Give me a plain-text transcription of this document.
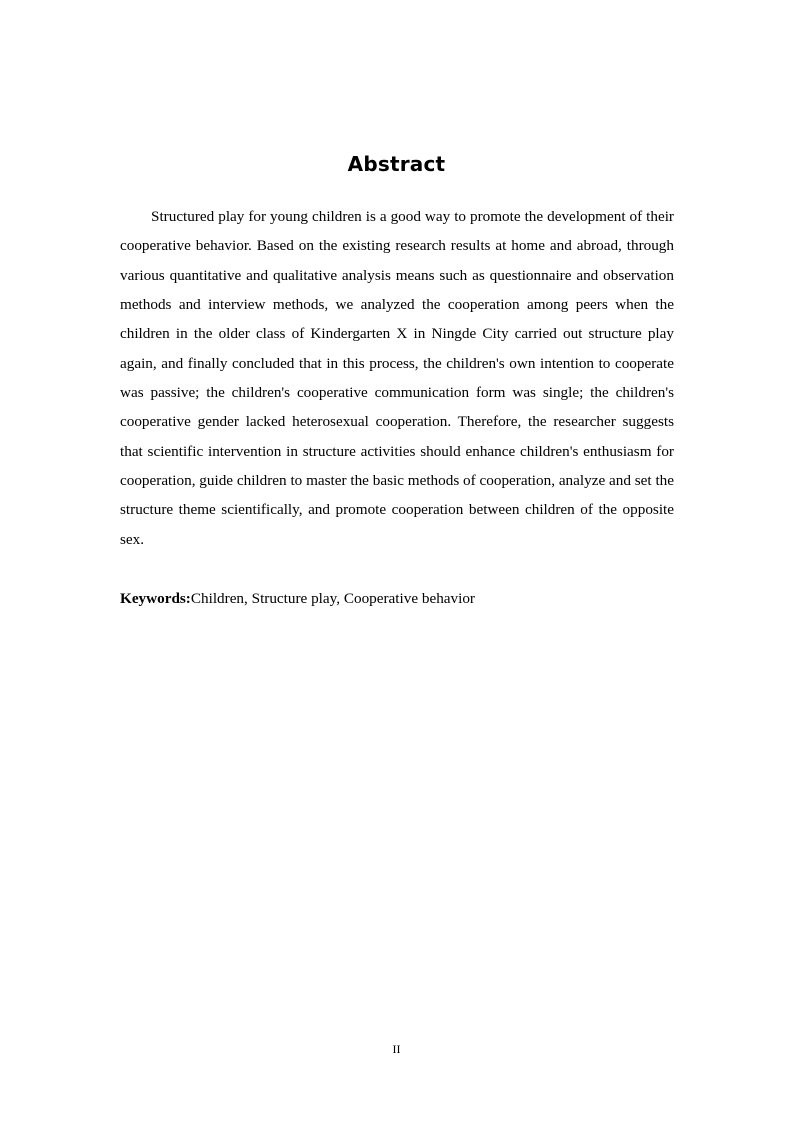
Abstract

Structured play for young children is a good way to promote the development of their cooperative behavior. Based on the existing research results at home and abroad, through various quantitative and qualitative analysis means such as questionnaire and observation methods and interview methods, we analyzed the cooperation among peers when the children in the older class of Kindergarten X in Ningde City carried out structure play again, and finally concluded that in this process, the children's own intention to cooperate was passive; the children's cooperative communication form was single; the children's cooperative gender lacked heterosexual cooperation. Therefore, the researcher suggests that scientific intervention in structure activities should enhance children's enthusiasm for cooperation, guide children to master the basic methods of cooperation, analyze and set the structure theme scientifically, and promote cooperation between children of the opposite sex.

Keywords:Children, Structure play, Cooperative behavior

II
